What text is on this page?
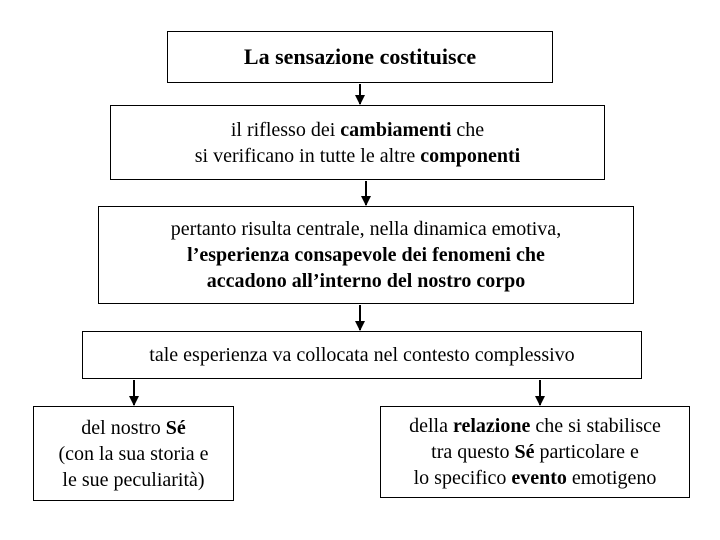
La sensazione costituisce
il riflesso dei cambiamenti che
si verificano in tutte le altre componenti
pertanto risulta centrale, nella dinamica emotiva,
l’esperienza consapevole dei fenomeni che
accadono all’interno del nostro corpo
tale esperienza va collocata nel contesto complessivo
del nostro Sé
(con la sua storia e
le sue peculiarità)
della relazione che si stabilisce
tra questo Sé particolare e
lo specifico evento emotigeno
